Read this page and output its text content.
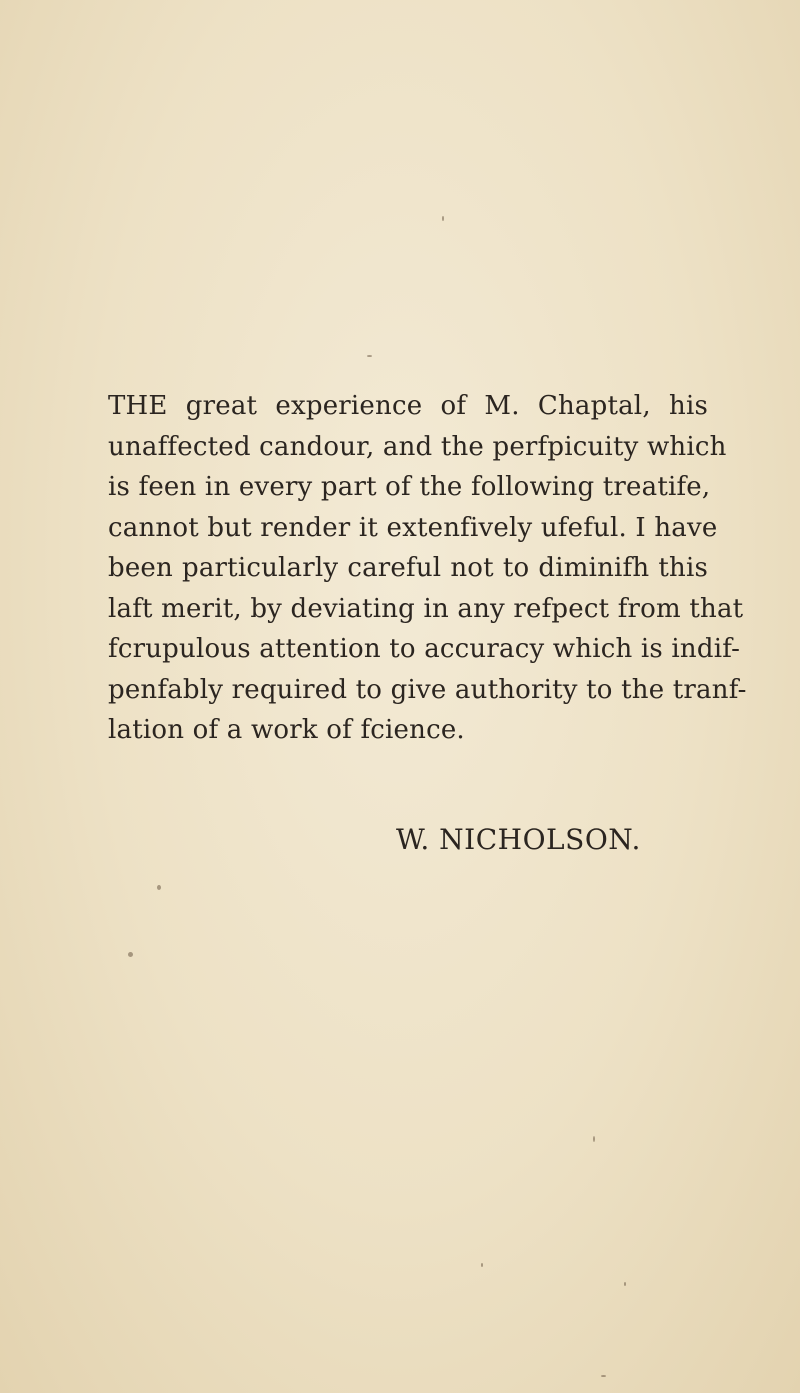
THE great experience of M. Chaptal, his
unaffected candour, and the perfpicuity which
is feen in every part of the following treatife,
cannot but render it extenfively ufeful. I have
been particularly careful not to diminifh this
laft merit, by deviating in any refpect from that
fcrupulous attention to accuracy which is indif-
penfably required to give authority to the tranf-
lation of a work of fcience.
W. NICHOLSON.
